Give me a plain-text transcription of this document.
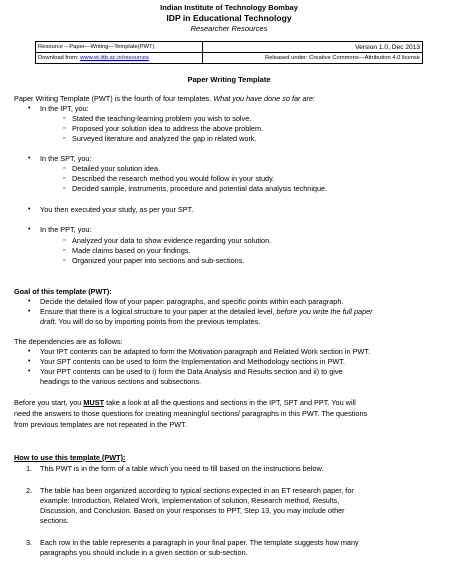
Indian Institute of Technology Bombay
IDP in Educational Technology
Researcher Resources
Resource – Paper—Writing—Template(PWT)	Version 1.0, Dec 2013
Download from: www.et.iitb.ac.in/resources	Released under: Creative Commons—Attribution 4.0 license
Paper Writing Template
Paper Writing Template (PWT) is the fourth of four templates. What you have done so far are:
• In the IPT, you:
▫ Stated the teaching-learning problem you wish to solve.
▫ Proposed your solution idea to address the above problem.
▫ Surveyed literature and analyzed the gap in related work.
• In the SPT, you:
▫ Detailed your solution idea.
▫ Described the research method you would follow in your study.
▫ Decided sample, instruments, procedure and potential data analysis technique.
• You then executed your study, as per your SPT.
• In the PPT, you:
▫ Analyzed your data to show evidence regarding your solution.
▫ Made claims based on your findings.
▫ Organized your paper into sections and sub-sections.
Goal of this template (PWT):
• Decide the detailed flow of your paper: paragraphs, and specific points within each paragraph.
• Ensure that there is a logical structure to your paper at the detailed level, before you write the full paper
draft. You will do so by importing points from the previous templates.
The dependencies are as follows:
• Your IPT contents can be adapted to form the Motivation paragraph and Related Work section in PWT.
• Your SPT contents can be used to form the Implementation and Methodology sections in PWT.
• Your PPT contents can be used to i) form the Data Analysis and Results section and ii) to give
headings to the various sections and subsections.
Before you start, you MUST take a look at all the questions and sections in the IPT, SPT and PPT. You will
need the answers to those questions for creating meaningful sections/ paragraphs in this PWT. The questions
from previous templates are not repeated in the PWT.
How to use this template (PWT):
1. This PWT is in the form of a table which you need to fill based on the instructions below.
2. The table has been organized according to typical sections expected in an ET research paper, for
example: Introduction, Related Work, Implementation of solution, Research method, Results,
Discussion, and Conclusion. Based on your responses to PPT, Step 13, you may include other
sections.
3. Each row in the table represents a paragraph in your final paper. The template suggests how many
paragraphs you should include in a given section or sub-section.
